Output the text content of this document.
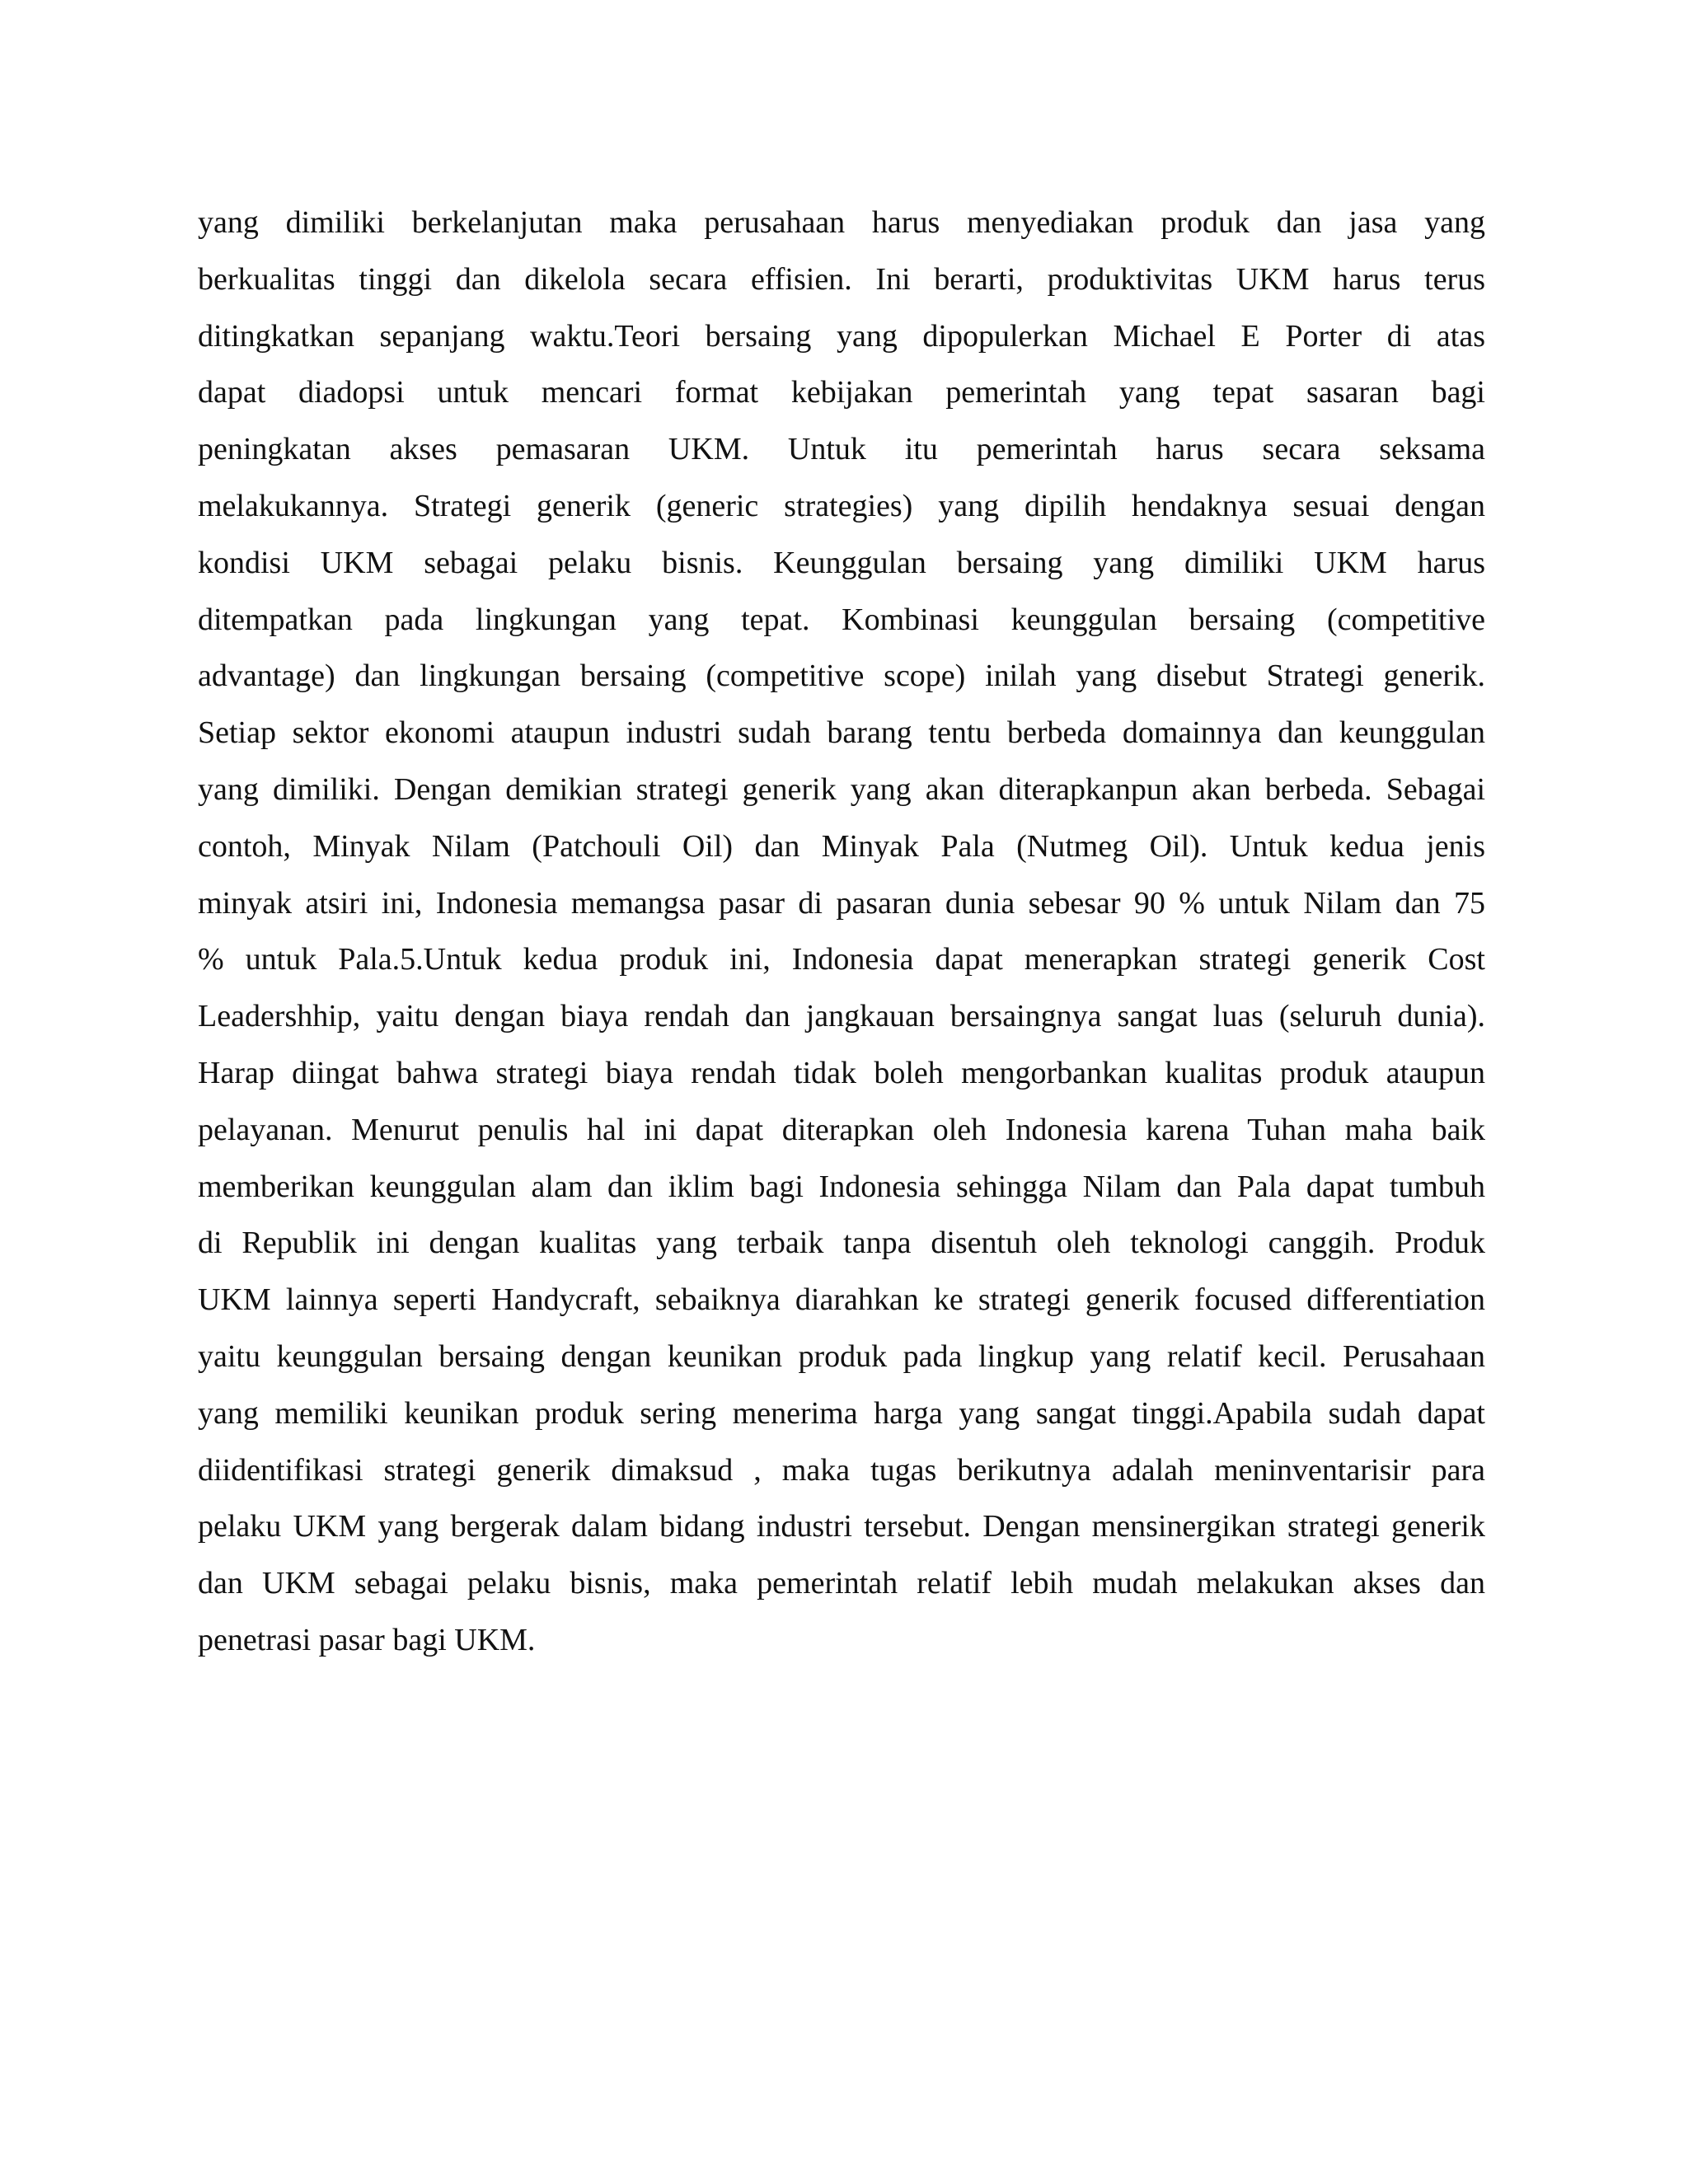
yang dimiliki berkelanjutan maka perusahaan harus menyediakan produk dan jasa yang
berkualitas tinggi dan dikelola secara effisien. Ini berarti, produktivitas UKM harus terus
ditingkatkan sepanjang waktu.Teori bersaing yang dipopulerkan Michael E Porter di atas
dapat diadopsi untuk mencari format kebijakan pemerintah yang tepat sasaran bagi
peningkatan akses pemasaran UKM. Untuk itu pemerintah harus secara seksama
melakukannya. Strategi generik (generic strategies) yang dipilih hendaknya sesuai dengan
kondisi UKM sebagai pelaku bisnis. Keunggulan bersaing yang dimiliki UKM harus
ditempatkan pada lingkungan yang tepat. Kombinasi keunggulan bersaing (competitive
advantage) dan lingkungan bersaing (competitive scope) inilah yang disebut Strategi generik.
Setiap sektor ekonomi ataupun industri sudah barang tentu berbeda domainnya dan keunggulan
yang dimiliki. Dengan demikian strategi generik yang akan diterapkanpun akan berbeda. Sebagai
contoh, Minyak Nilam (Patchouli Oil) dan Minyak Pala (Nutmeg Oil). Untuk kedua jenis
minyak atsiri ini, Indonesia memangsa pasar di pasaran dunia sebesar 90 % untuk Nilam dan 75
% untuk Pala.5.Untuk kedua produk ini, Indonesia dapat menerapkan strategi generik Cost
Leadershhip, yaitu dengan biaya rendah dan jangkauan bersaingnya sangat luas (seluruh dunia).
Harap diingat bahwa strategi biaya rendah tidak boleh mengorbankan kualitas produk ataupun
pelayanan. Menurut penulis hal ini dapat diterapkan oleh Indonesia karena Tuhan maha baik
memberikan keunggulan alam dan iklim bagi Indonesia sehingga Nilam dan Pala dapat tumbuh
di Republik ini dengan kualitas yang terbaik tanpa disentuh oleh teknologi canggih. Produk
UKM lainnya seperti Handycraft, sebaiknya diarahkan ke strategi generik focused differentiation
yaitu keunggulan bersaing dengan keunikan produk pada lingkup yang relatif kecil. Perusahaan
yang memiliki keunikan produk sering menerima harga yang sangat tinggi.Apabila sudah dapat
diidentifikasi strategi generik dimaksud , maka tugas berikutnya adalah meninventarisir para
pelaku UKM yang bergerak dalam bidang industri tersebut. Dengan mensinergikan strategi generik
dan UKM sebagai pelaku bisnis, maka pemerintah relatif lebih mudah melakukan akses dan
penetrasi pasar bagi UKM.
